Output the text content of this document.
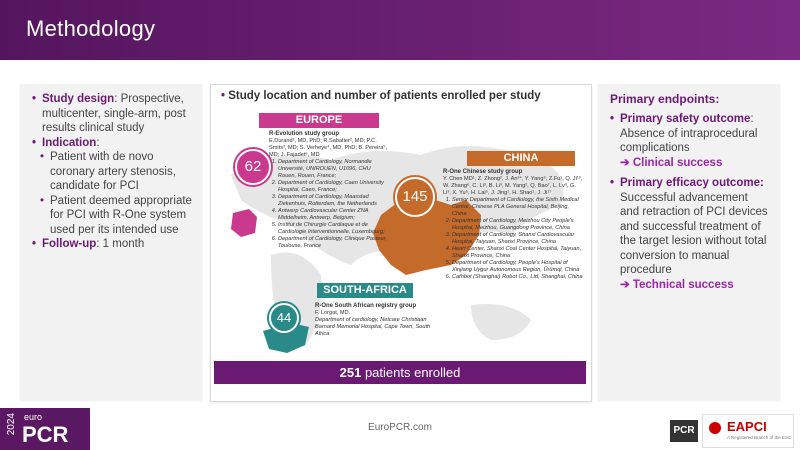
Methodology
• Study design: Prospective, multicenter, single-arm, post results clinical study
• Indication:
• Patient with de novo coronary artery stenosis, candidate for PCI
• Patient deemed appropriate for PCI with R-One system used per its intended use
• Follow-up: 1 month
• Study location and number of patients enrolled per study
EUROPE
62
R-Evolution study group
E.Durand¹, MD, PhD; R.Sabatier², MD; P.C. Smits³, MD; S. Verheye⁴, MD, PhD; B. Pereira⁵, MD; J. Fajadet⁶, MD
1. Department of Cardiology, Normandie Université, UNIROUEN, U1096, CHU Rouen, Rouen, France;
2. Department of Cardiology, Caen University Hospital, Caen, France;
3. Department of Cardiology, Maasstad Ziekenhuis, Rotterdam, the Netherlands
4. Antwerp Cardiovascular Center ZNA Middelheim, Antwerp, Belgium;
5. Institut de Chirurgie Cardiaque et de Cardiologie Interventionnelle, Luxembourg;
6. Department of Cardiology, Clinique Pasteur, Toulouse, France
CHINA
145
R-One Chinese study group
Y. Chen MD¹, Z. Zhong², J. An³⁴, Y. Yang⁵, Z.Fu¹, Q. Ji¹³, W. Zhang⁶, C. Li³, B. Li³, M. Yang², Q. Bao⁷, L. Lv³, G. Li³, X. Yu⁵, H. Lai⁵, J. Jing¹, H. Shao¹, J. Ji¹⁷
1. Senior Department of Cardiology, the Sixth Medical Centre, Chinese PLA General Hospital, Beijing, China
2. Department of Cardiology, Meizhou City People's Hospital, Meizhou, Guangdong Province, China
3. Department of Cardiology, Shanxi Cardiovascular Hospital, Taiyuan, Shanxi Province, China
4. Heart Center, Shanxi Coal Center Hospital, Taiyuan, Shanxi Province, China
5. Department of Cardiology, People's Hospital of Xinjiang Uygur Autonomous Region, Ürümqi, China
6. Cathbot (Shanghai) Robot Co., Ltd, Shanghai, China
SOUTH-AFRICA
44
R-One South African registry group
F. Lorgat, MD.
Department of cardiology, Netcare Christiaan Barnard Memorial Hospital, Cape Town, South Africa
251 patients enrolled
Primary endpoints:
• Primary safety outcome:
Absence of intraprocedural complications
➔ Clinical success
• Primary efficacy outcome:
Successful advancement and retraction of PCI devices and successful treatment of the target lesion without total conversion to manual procedure
➔ Technical success
2024 euro
PCR	EuroPCR.com	PCR EAPCI
A Registered Branch of the ESC
